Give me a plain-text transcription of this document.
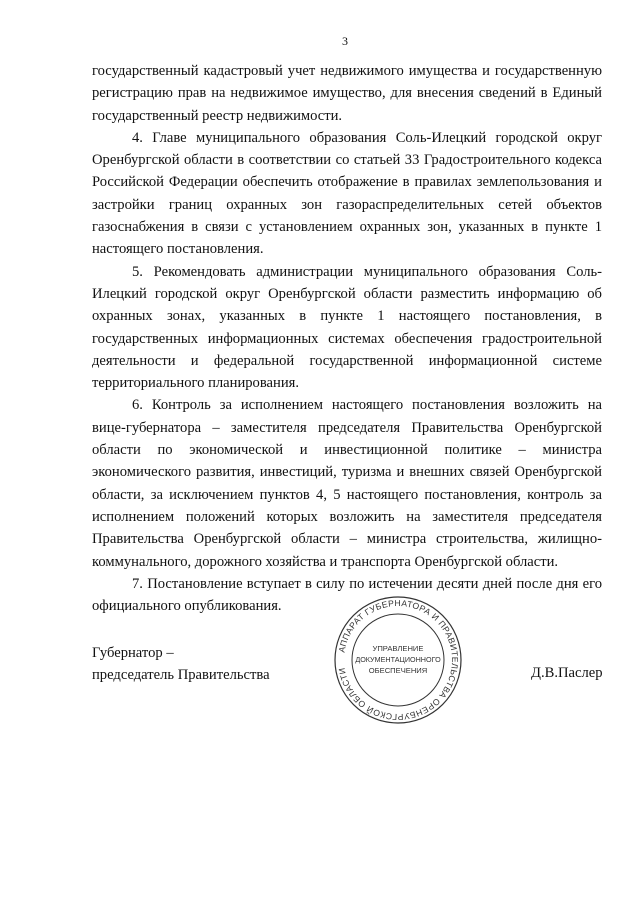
3

государственный кадастровый учет недвижимого имущества и государственную регистрацию прав на недвижимое имущество, для внесения сведений в Единый государственный реестр недвижимости.

4. Главе муниципального образования Соль-Илецкий городской округ Оренбургской области в соответствии со статьей 33 Градостроительного кодекса Российской Федерации обеспечить отображение в правилах землепользования и застройки границ охранных зон газораспределительных сетей объектов газоснабжения в связи с установлением охранных зон, указанных в пункте 1 настоящего постановления.

5. Рекомендовать администрации муниципального образования Соль-Илецкий городской округ Оренбургской области разместить информацию об охранных зонах, указанных в пункте 1 настоящего постановления, в государственных информационных системах обеспечения градостроительной деятельности и федеральной государственной информационной системе территориального планирования.

6. Контроль за исполнением настоящего постановления возложить на вице-губернатора – заместителя председателя Правительства Оренбургской области по экономической и инвестиционной политике – министра экономического развития, инвестиций, туризма и внешних связей Оренбургской области, за исключением пунктов 4, 5 настоящего постановления, контроль за исполнением положений которых возложить на заместителя председателя Правительства Оренбургской области – министра строительства, жилищно-коммунального, дорожного хозяйства и транспорта Оренбургской области.

7. Постановление вступает в силу по истечении десяти дней после дня его официального опубликования.

Губернатор –
председатель Правительства
АППАРАТ ГУБЕРНАТОРА И ПРАВИТЕЛЬСТВА ОРЕНБУРГСКОЙ ОБЛАСТИ
УПРАВЛЕНИЕ
ДОКУМЕНТАЦИОННОГО
ОБЕСПЕЧЕНИЯ	Д.В.Паслер
